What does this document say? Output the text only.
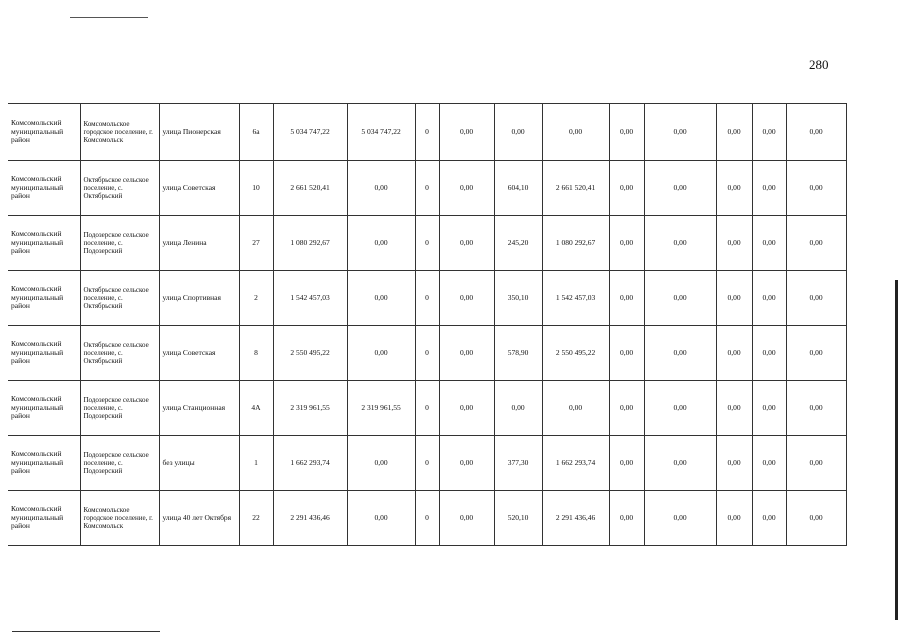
280
Комсомольский муниципальный район	Комсомольское городское поселение, г. Комсомольск	улица Пионерская	6а	5 034 747,22	5 034 747,22	0	0,00	0,00	0,00	0,00	0,00	0,00	0,00	0,00
Комсомольский муниципальный район	Октябрьское сельское поселение, с. Октябрьский	улица Советская	10	2 661 520,41	0,00	0	0,00	604,10	2 661 520,41	0,00	0,00	0,00	0,00	0,00
Комсомольский муниципальный район	Подозерское сельское поселение, с. Подозерский	улица Ленина	27	1 080 292,67	0,00	0	0,00	245,20	1 080 292,67	0,00	0,00	0,00	0,00	0,00
Комсомольский муниципальный район	Октябрьское сельское поселение, с. Октябрьский	улица Спортивная	2	1 542 457,03	0,00	0	0,00	350,10	1 542 457,03	0,00	0,00	0,00	0,00	0,00
Комсомольский муниципальный район	Октябрьское сельское поселение, с. Октябрьский	улица Советская	8	2 550 495,22	0,00	0	0,00	578,90	2 550 495,22	0,00	0,00	0,00	0,00	0,00
Комсомольский муниципальный район	Подозерское сельское поселение, с. Подозерский	улица Станционная	4А	2 319 961,55	2 319 961,55	0	0,00	0,00	0,00	0,00	0,00	0,00	0,00	0,00
Комсомольский муниципальный район	Подозерское сельское поселение, с. Подозерский	без улицы	1	1 662 293,74	0,00	0	0,00	377,30	1 662 293,74	0,00	0,00	0,00	0,00	0,00
Комсомольский муниципальный район	Комсомольское городское поселение, г. Комсомольск	улица 40 лет Октября	22	2 291 436,46	0,00	0	0,00	520,10	2 291 436,46	0,00	0,00	0,00	0,00	0,00
